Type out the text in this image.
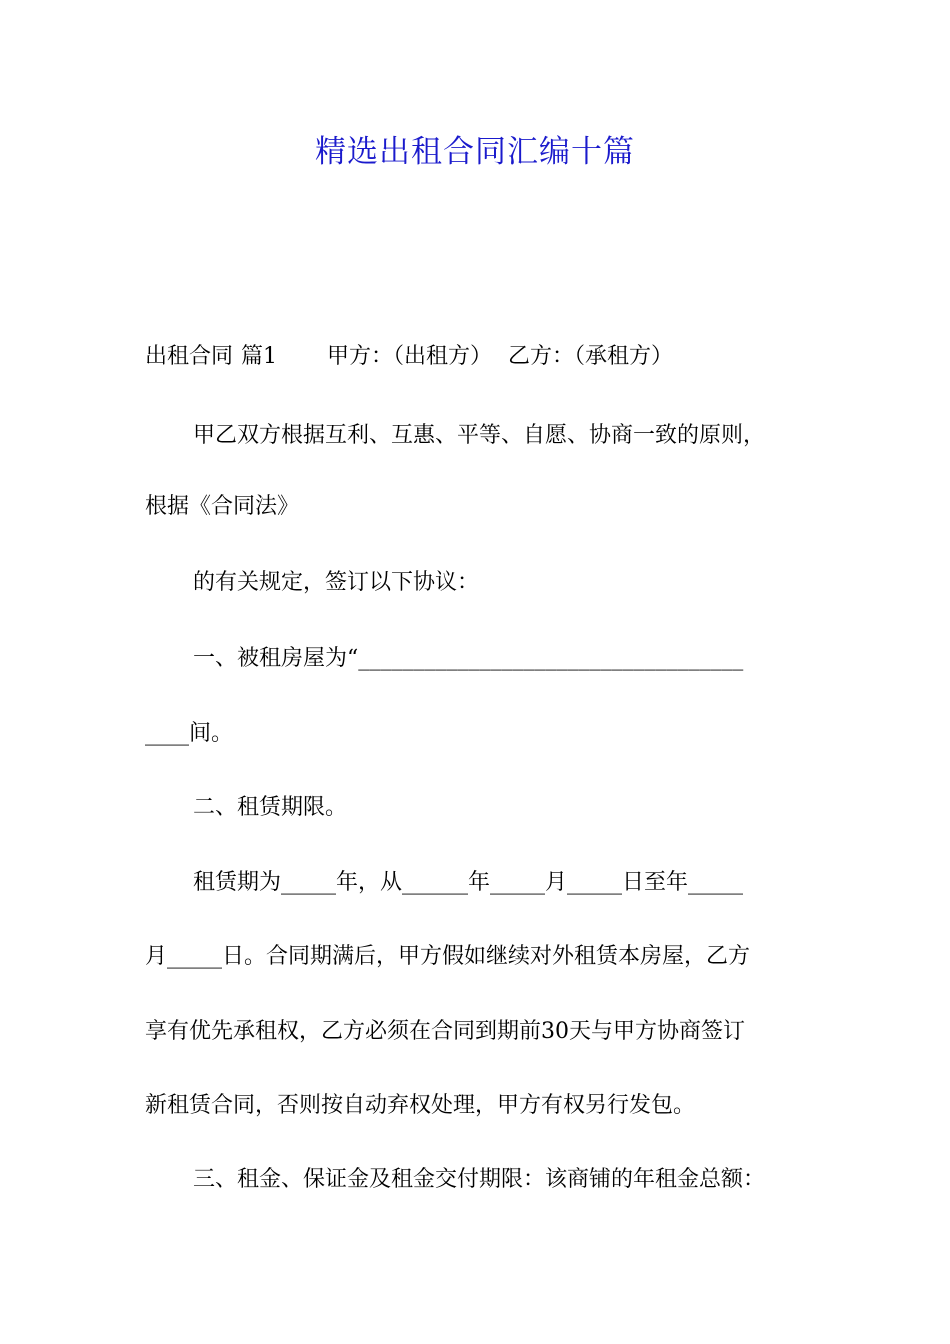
精选出租合同汇编十篇

出租合同 篇1 甲方：（出租方） 乙方：（承租方）

甲乙双方根据互利、互惠、平等、自愿、协商一致的原则，

根据《合同法》

的有关规定，签订以下协议：

一、被租房屋为“___________________________________

____间。

二、租赁期限。

租赁期为_____年，从______年_____月_____日至年_____

月_____日。合同期满后，甲方假如继续对外租赁本房屋，乙方

享有优先承租权，乙方必须在合同到期前30天与甲方协商签订

新租赁合同，否则按自动弃权处理，甲方有权另行发包。

三、租金、保证金及租金交付期限：该商铺的年租金总额：
